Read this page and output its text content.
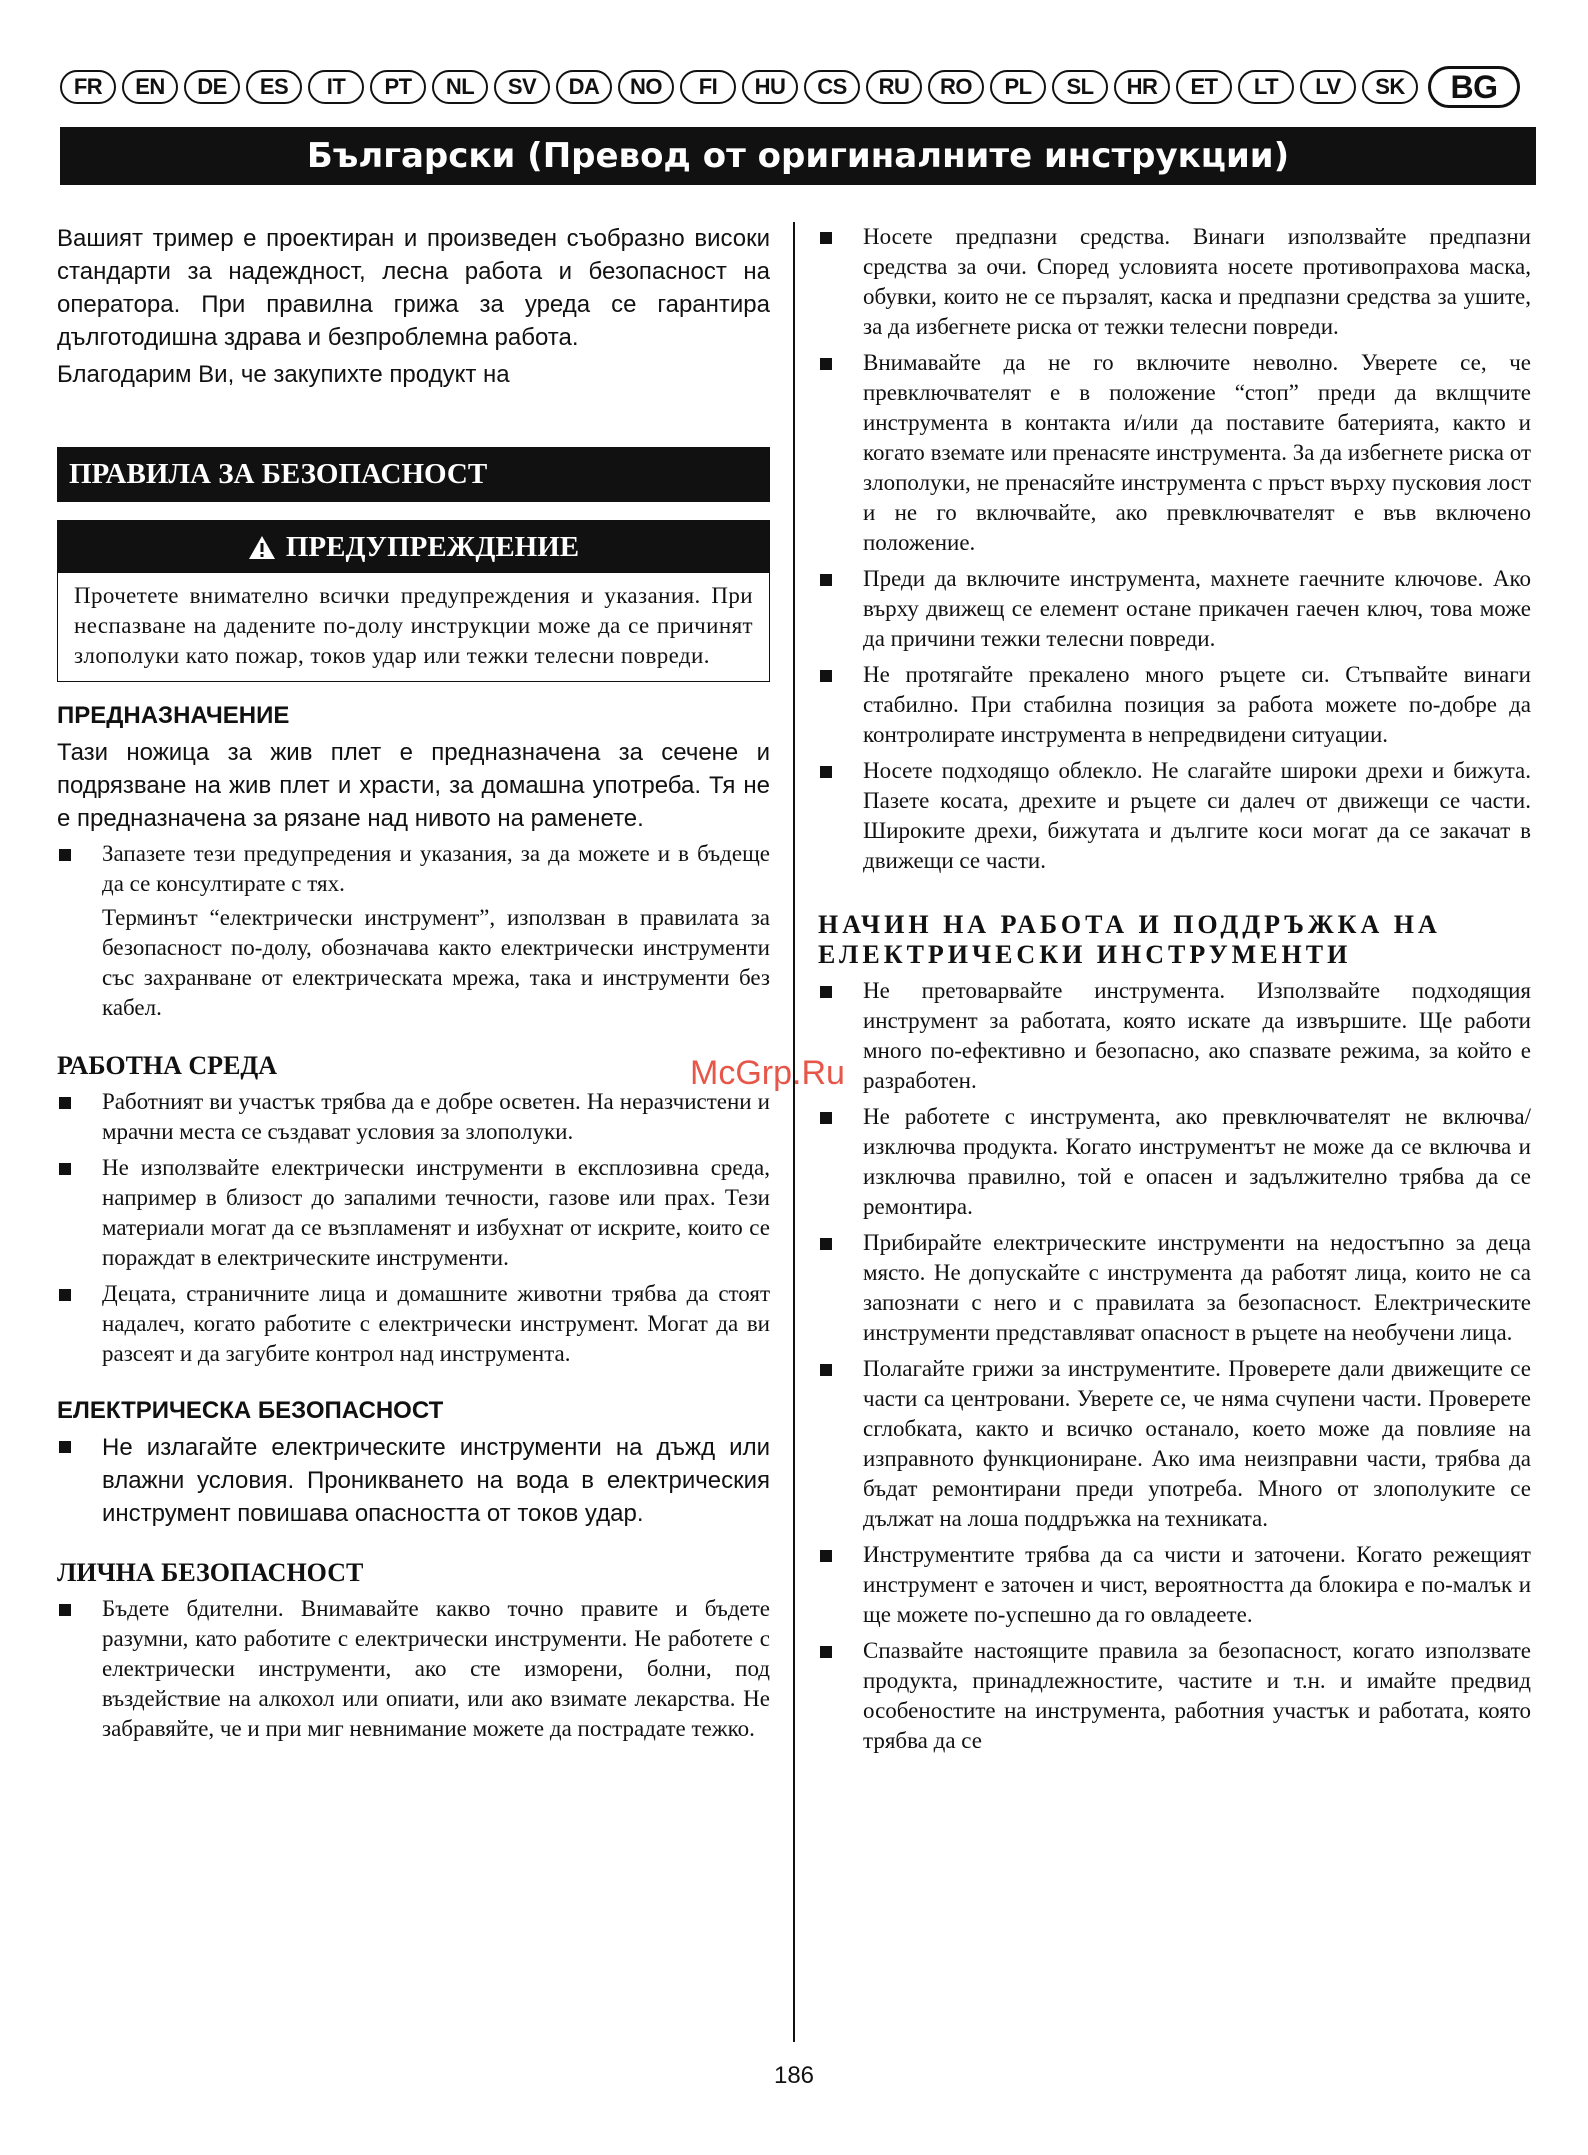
FR	EN	DE	ES	IT	PT	NL	SV	DA	NO	FI	HU	CS	RU	RO	PL	SL	HR	ET	LT	LV	SK	BG
Български (Превод от оригиналните инструкции)

Вашият тример е проектиран и произведен съобразно високи стандарти за надеждност, лесна работа и безопасност на оператора. При правилна грижа за уреда се гарантира дълготодишна здрава и безпроблемна работа.

Благодарим Ви, че закупихте продукт на

ПРАВИЛА ЗА БЕЗОПАСНОСТ
ПРЕДУПРЕЖДЕНИЕ
Прочетете внимателно всички предупреждения и указания. При неспазване на дадените по-долу инструкции може да се причинят злополуки като пожар, токов удар или тежки телесни повреди.
ПРЕДНАЗНАЧЕНИЕ

Тази ножица за жив плет е предназначена за сечене и подрязване на жив плет и храсти, за домашна употреба. Тя не е предназначена за рязане над нивото на раменете.

Запазете тези предупредения и указания, за да можете и в бъдеще да се консултирате с тях.

Терминът “електрически инструмент”, използван в правилата за безопасност по-долу, обозначава както електрически инструменти със захранване от електрическата мрежа, така и инструменти без кабел.

РАБОТНА СРЕДА
Работният ви участък трябва да е добре осветен. На неразчистени и мрачни места се създават условия за злополуки.
Не използвайте електрически инструменти в експлозивна среда, например в близост до запалими течности, газове или прах. Тези материали могат да се възпламенят и избухнат от искрите, които се пораждат в електрическите инструменти.
Децата, страничните лица и домашните животни трябва да стоят надалеч, когато работите с електрически инструмент. Могат да ви разсеят и да загубите контрол над инструмента.
ЕЛЕКТРИЧЕСКА БЕЗОПАСНОСТ
Не излагайте електрическите инструменти на дъжд или влажни условия. Проникването на вода в електрическия инструмент повишава опасността от токов удар.
ЛИЧНА БЕЗОПАСНОСТ
Бъдете бдителни. Внимавайте какво точно правите и бъдете разумни, като работите с електрически инструменти. Не работете с електрически инструменти, ако сте изморени, болни, под въздействие на алкохол или опиати, или ако взимате лекарства. Не забравяйте, че и при миг невнимание можете да пострадате тежко.
Носете предпазни средства. Винаги използвайте предпазни средства за очи. Според условията носете противопрахова маска, обувки, които не се пързалят, каска и предпазни средства за ушите, за да избегнете риска от тежки телесни повреди.
Внимавайте да не го включите неволно. Уверете се, че превключвателят е в положение “стоп” преди да вклщчите инструмента в контакта и/или да поставите батерията, както и когато вземате или пренасяте инструмента. За да избегнете риска от злополуки, не пренасяйте инструмента с пръст върху пусковия лост и не го включвайте, ако превключвателят е във включено положение.
Преди да включите инструмента, махнете гаечните ключове. Ако върху движещ се елемент остане прикачен гаечен ключ, това може да причини тежки телесни повреди.
Не протягайте прекалено много ръцете си. Стъпвайте винаги стабилно. При стабилна позиция за работа можете по-добре да контролирате инструмента в непредвидени ситуации.
Носете подходящо облекло. Не слагайте широки дрехи и бижута. Пазете косата, дрехите и ръцете си далеч от движещи се части. Широките дрехи, бижутата и дългите коси могат да се закачат в движещи се части.
НАЧИН НА РАБОТА И ПОДДРЪЖКА НА ЕЛЕКТРИЧЕСКИ ИНСТРУМЕНТИ
Не претоварвайте инструмента. Използвайте подходящия инструмент за работата, която искате да извършите. Ще работи много по-ефективно и безопасно, ако спазвате режима, за който е разработен.
Не работете с инструмента, ако превключвателят не включва/изключва продукта. Когато инструментът не може да се включва и изключва правилно, той е опасен и задължително трябва да се ремонтира.
Прибирайте електрическите инструменти на недостъпно за деца място. Не допускайте с инструмента да работят лица, които не са запознати с него и с правилата за безопасност. Електрическите инструменти представляват опасност в ръцете на необучени лица.
Полагайте грижи за инструментите. Проверете дали движещите се части са центровани. Уверете се, че няма счупени части. Проверете сглобката, както и всичко останало, което може да повлияе на изправното функциониране. Ако има неизправни части, трябва да бъдат ремонтирани преди употреба. Много от злополуките се дължат на лоша поддръжка на техниката.
Инструментите трябва да са чисти и заточени. Когато режещият инструмент е заточен и чист, вероятността да блокира е по-малък и ще можете по-успешно да го овладеете.
Спазвайте настоящите правила за безопасност, когато използвате продукта, принадлежностите, частите и т.н. и имайте предвид особеностите на инструмента, работния участък и работата, която трябва да се
McGrp.Ru
186
